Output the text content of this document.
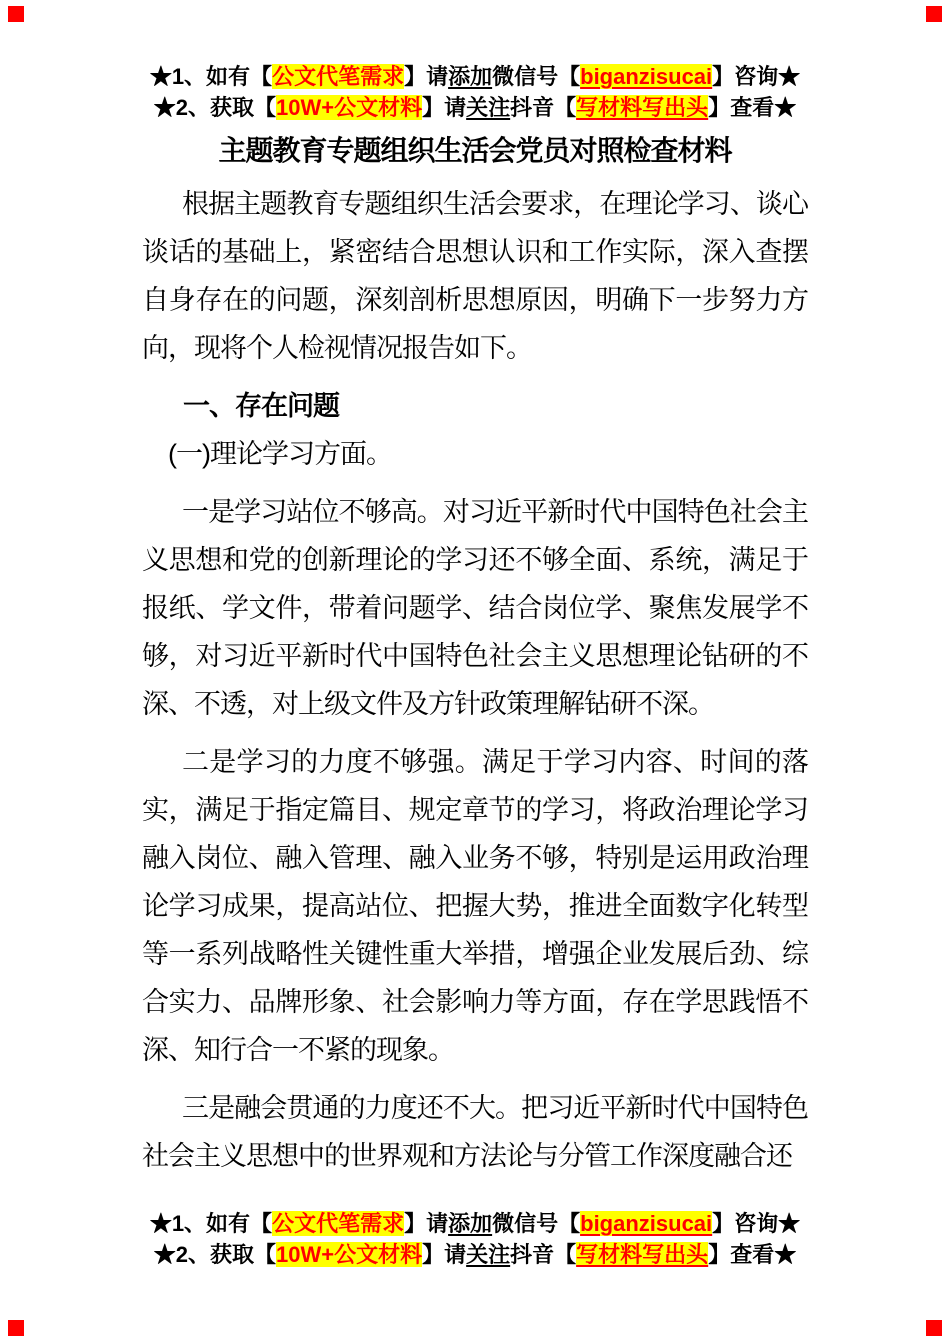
★1、如有【公文代笔需求】请添加微信号【biganzisucai】咨询★
★2、获取【10W+公文材料】请关注抖音【写材料写出头】查看★
主题教育专题组织生活会党员对照检查材料

根据主题教育专题组织生活会要求，在理论学习、谈心谈话的基础上，紧密结合思想认识和工作实际，深入查摆自身存在的问题，深刻剖析思想原因，明确下一步努力方向，现将个人检视情况报告如下。

一、存在问题

(一)理论学习方面。

一是学习站位不够高。对习近平新时代中国特色社会主义思想和党的创新理论的学习还不够全面、系统，满足于报纸、学文件，带着问题学、结合岗位学、聚焦发展学不够，对习近平新时代中国特色社会主义思想理论钻研的不深、不透，对上级文件及方针政策理解钻研不深。

二是学习的力度不够强。满足于学习内容、时间的落实，满足于指定篇目、规定章节的学习，将政治理论学习融入岗位、融入管理、融入业务不够，特别是运用政治理论学习成果，提高站位、把握大势，推进全面数字化转型等一系列战略性关键性重大举措，增强企业发展后劲、综合实力、品牌形象、社会影响力等方面，存在学思践悟不深、知行合一不紧的现象。

三是融会贯通的力度还不大。把习近平新时代中国特色社会主义思想中的世界观和方法论与分管工作深度融合还

★1、如有【公文代笔需求】请添加微信号【biganzisucai】咨询★
★2、获取【10W+公文材料】请关注抖音【写材料写出头】查看★
